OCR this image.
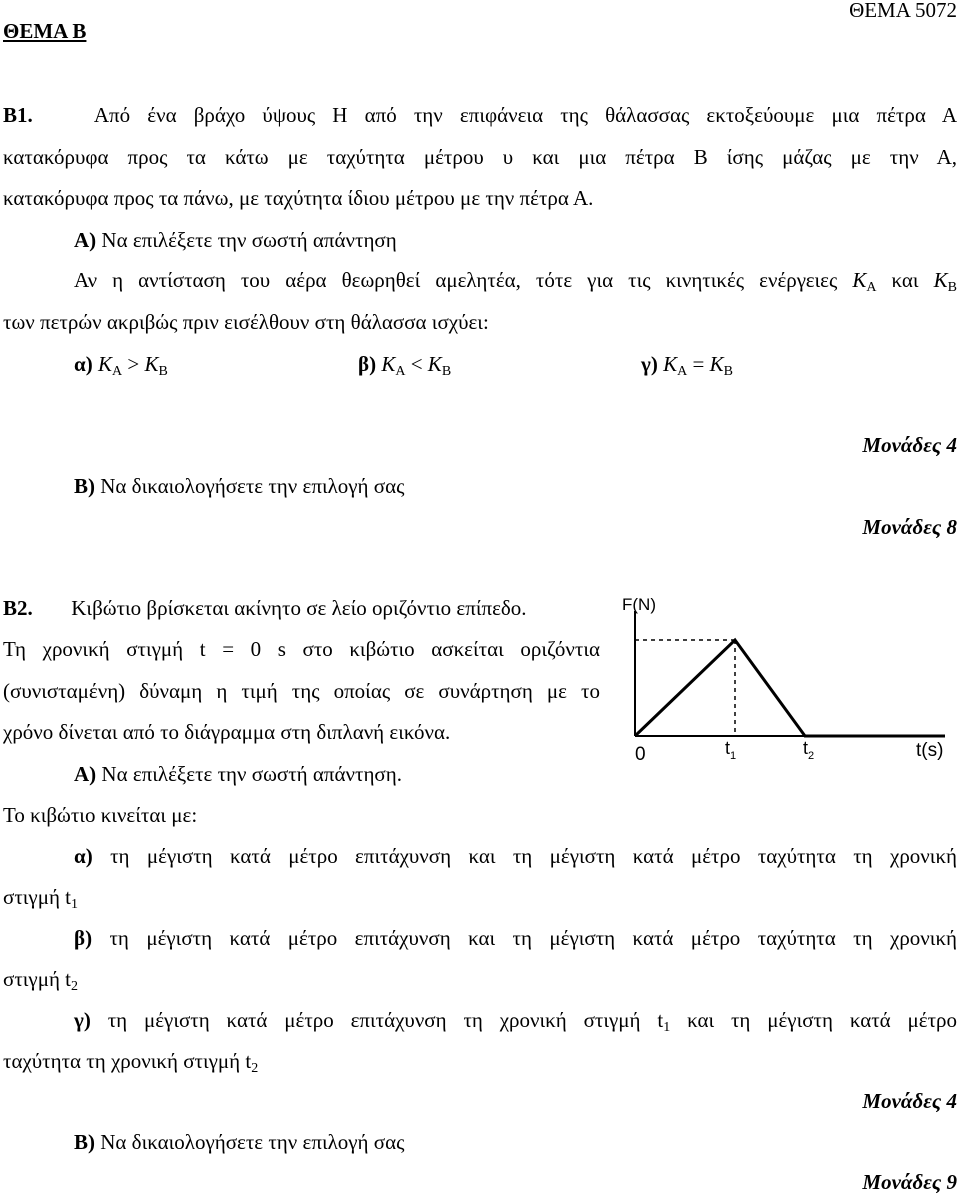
ΘΕΜΑ Β
ΘΕΜΑ 5072
Β1.	Από ένα βράχο ύψους H από την επιφάνεια της θάλασσας εκτοξεύουμε μια πέτρα Α
κατακόρυφα προς τα κάτω με ταχύτητα μέτρου υ και μια πέτρα Β ίσης μάζας με την Α,
κατακόρυφα προς τα πάνω, με ταχύτητα ίδιου μέτρου με την πέτρα Α.
Α) Να επιλέξετε την σωστή απάντηση
Αν η αντίσταση του αέρα θεωρηθεί αμελητέα, τότε για τις κινητικές ενέργειες $K_A$ και $K_B$
των πετρών ακριβώς πριν εισέλθουν στη θάλασσα ισχύει:
α) $K_A > K_B$	β) $K_A < K_B$	γ) $K_A = K_B$
Μονάδες 4
Β) Να δικαιολογήσετε την επιλογή σας
Μονάδες 8
Β2. Κιβώτιο βρίσκεται ακίνητο σε λείο οριζόντιο επίπεδο.
Τη χρονική στιγμή t = 0 s στο κιβώτιο ασκείται οριζόντια
(συνισταμένη) δύναμη η τιμή της οποίας σε συνάρτηση με το
χρόνο δίνεται από το διάγραμμα στη διπλανή εικόνα.
F(N)
0	$t_1$	$t_2$	t(s)
Α) Να επιλέξετε την σωστή απάντηση.
Το κιβώτιο κινείται με:
α) τη μέγιστη κατά μέτρο επιτάχυνση και τη μέγιστη κατά μέτρο ταχύτητα τη χρονική
στιγμή t1
β) τη μέγιστη κατά μέτρο επιτάχυνση και τη μέγιστη κατά μέτρο ταχύτητα τη χρονική
στιγμή t2
γ) τη μέγιστη κατά μέτρο επιτάχυνση τη χρονική στιγμή t1 και τη μέγιστη κατά μέτρο
ταχύτητα τη χρονική στιγμή t2
Μονάδες 4
Β) Να δικαιολογήσετε την επιλογή σας
Μονάδες 9
